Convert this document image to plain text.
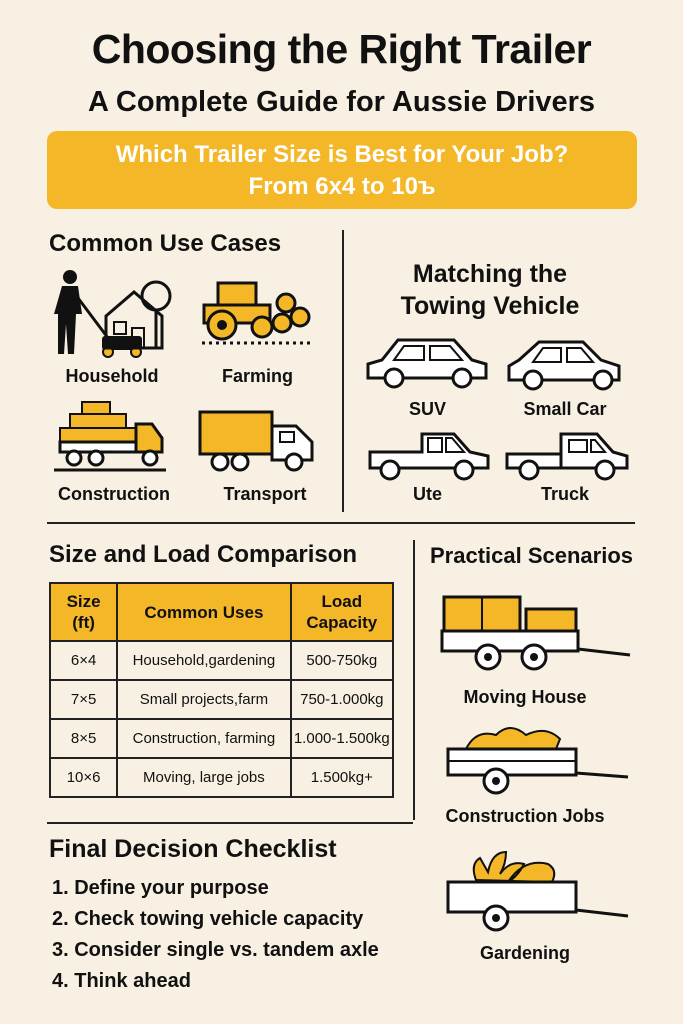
Choosing the Right Trailer
A Complete Guide for Aussie Drivers
Which Trailer Size is Best for Your Job?
From 6x4 to 10ъ
Common Use Cases
Household	Farming
Construction	Transport
Matching the
Towing Vehicle
SUV	Small Car
Ute	Truck
Size and Load Comparison
Size (ft)	Common Uses	Load Capacity
6×4	Household,gardening	500-750kg
7×5	Small projects,farm	750-1.000kg
8×5	Construction, farming	1.000-1.500kg
10×6	Moving, large jobs	1.500kg+
Practical Scenarios
Moving House
Construction Jobs
Gardening
Final Decision Checklist
1. Define your purpose
2. Check towing vehicle capacity
3. Consider single vs. tandem axle
4. Think ahead
